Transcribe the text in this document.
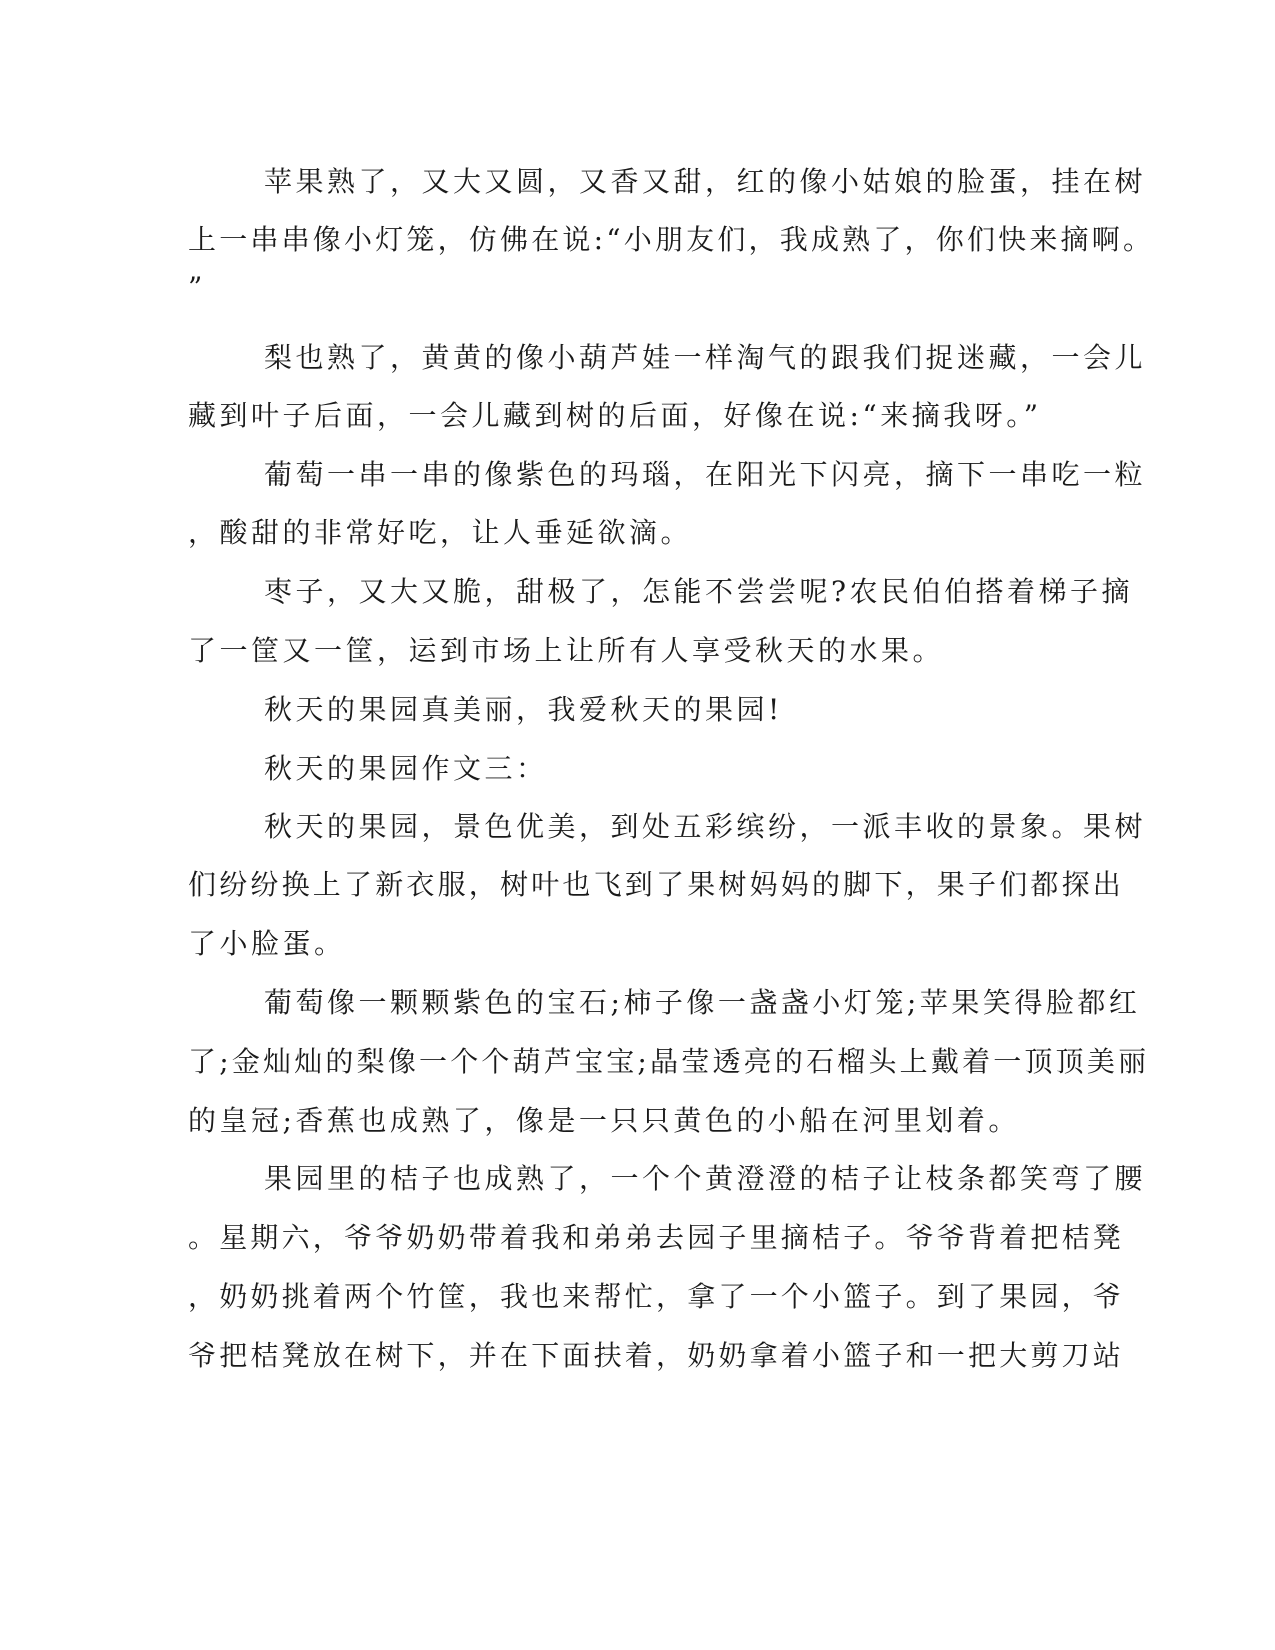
苹果熟了，又大又圆，又香又甜，红的像小姑娘的脸蛋，挂在树
上一串串像小灯笼，仿佛在说:“小朋友们，我成熟了，你们快来摘啊。
”
梨也熟了，黄黄的像小葫芦娃一样淘气的跟我们捉迷藏，一会儿
藏到叶子后面，一会儿藏到树的后面，好像在说:“来摘我呀。”
葡萄一串一串的像紫色的玛瑙，在阳光下闪亮，摘下一串吃一粒
，酸甜的非常好吃，让人垂延欲滴。
枣子，又大又脆，甜极了，怎能不尝尝呢?农民伯伯搭着梯子摘
了一筐又一筐，运到市场上让所有人享受秋天的水果。
秋天的果园真美丽，我爱秋天的果园!
秋天的果园作文三：
秋天的果园，景色优美，到处五彩缤纷，一派丰收的景象。果树
们纷纷换上了新衣服，树叶也飞到了果树妈妈的脚下，果子们都探出
了小脸蛋。
葡萄像一颗颗紫色的宝石;柿子像一盏盏小灯笼;苹果笑得脸都红
了;金灿灿的梨像一个个葫芦宝宝;晶莹透亮的石榴头上戴着一顶顶美丽
的皇冠;香蕉也成熟了，像是一只只黄色的小船在河里划着。
果园里的桔子也成熟了，一个个黄澄澄的桔子让枝条都笑弯了腰
。星期六，爷爷奶奶带着我和弟弟去园子里摘桔子。爷爷背着把桔凳
，奶奶挑着两个竹筐，我也来帮忙，拿了一个小篮子。到了果园，爷
爷把桔凳放在树下，并在下面扶着，奶奶拿着小篮子和一把大剪刀站
